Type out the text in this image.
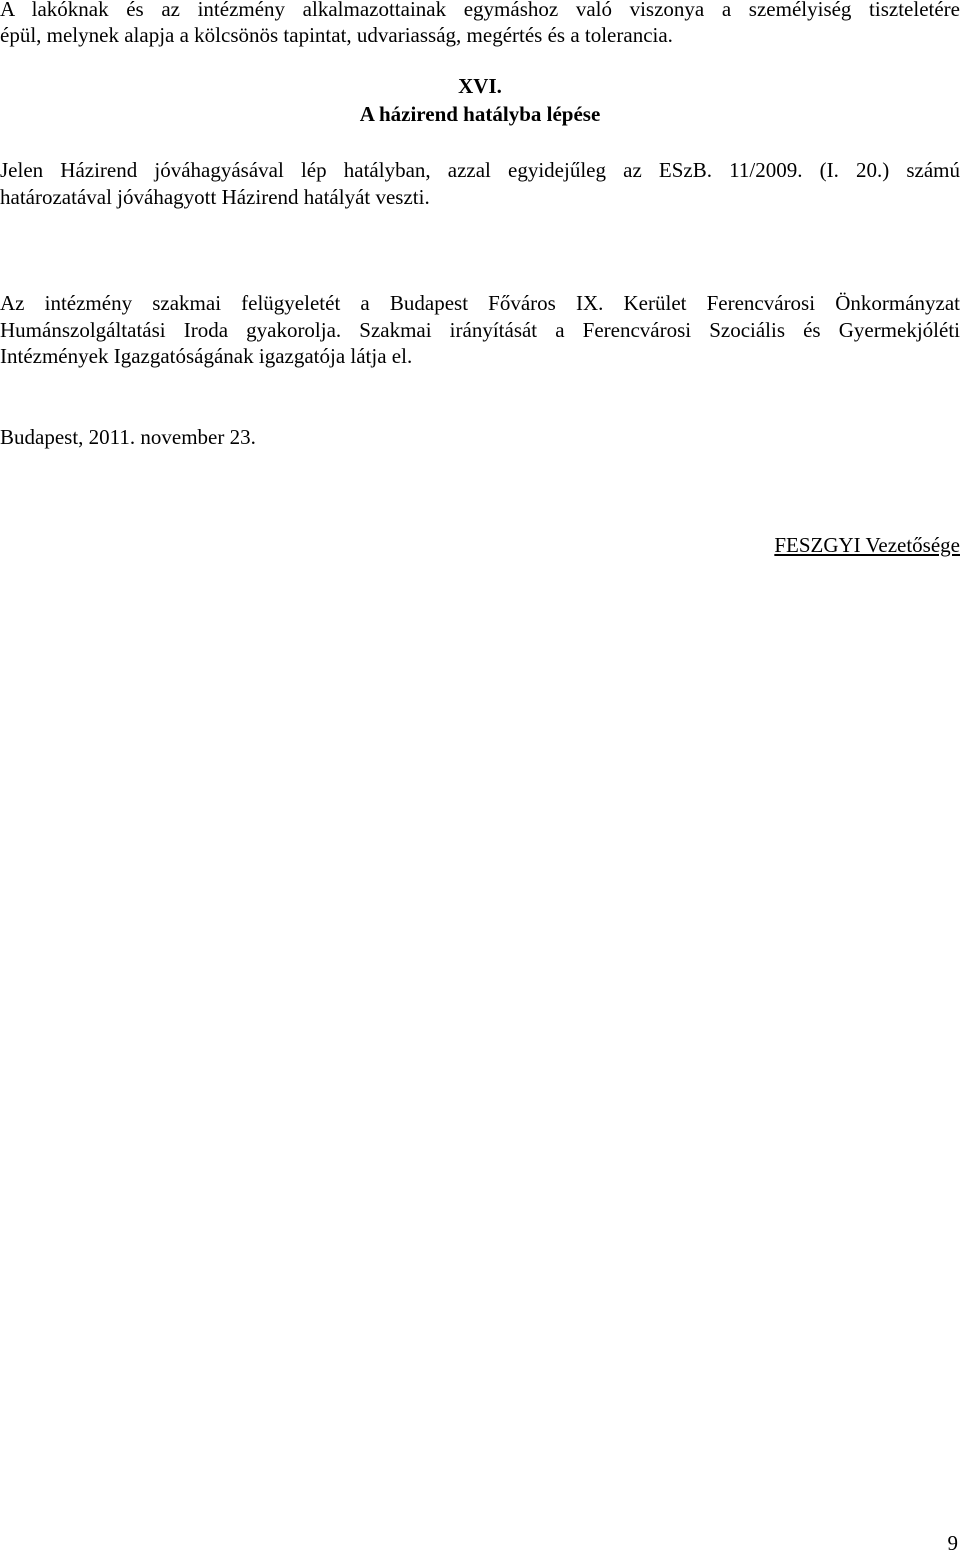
A lakóknak és az intézmény alkalmazottainak egymáshoz való viszonya a személyiség tiszteletére
épül, melynek alapja a kölcsönös tapintat, udvariasság, megértés és a tolerancia.
XVI.
A házirend hatályba lépése
Jelen Házirend jóváhagyásával lép hatályban, azzal egyidejűleg az ESzB. 11/2009. (I. 20.) számú
határozatával jóváhagyott Házirend hatályát veszti.
Az intézmény szakmai felügyeletét a Budapest Főváros IX. Kerület Ferencvárosi Önkormányzat
Humánszolgáltatási Iroda gyakorolja. Szakmai irányítását a Ferencvárosi Szociális és Gyermekjóléti
Intézmények Igazgatóságának igazgatója látja el.
Budapest, 2011. november 23.
FESZGYI Vezetősége
9
